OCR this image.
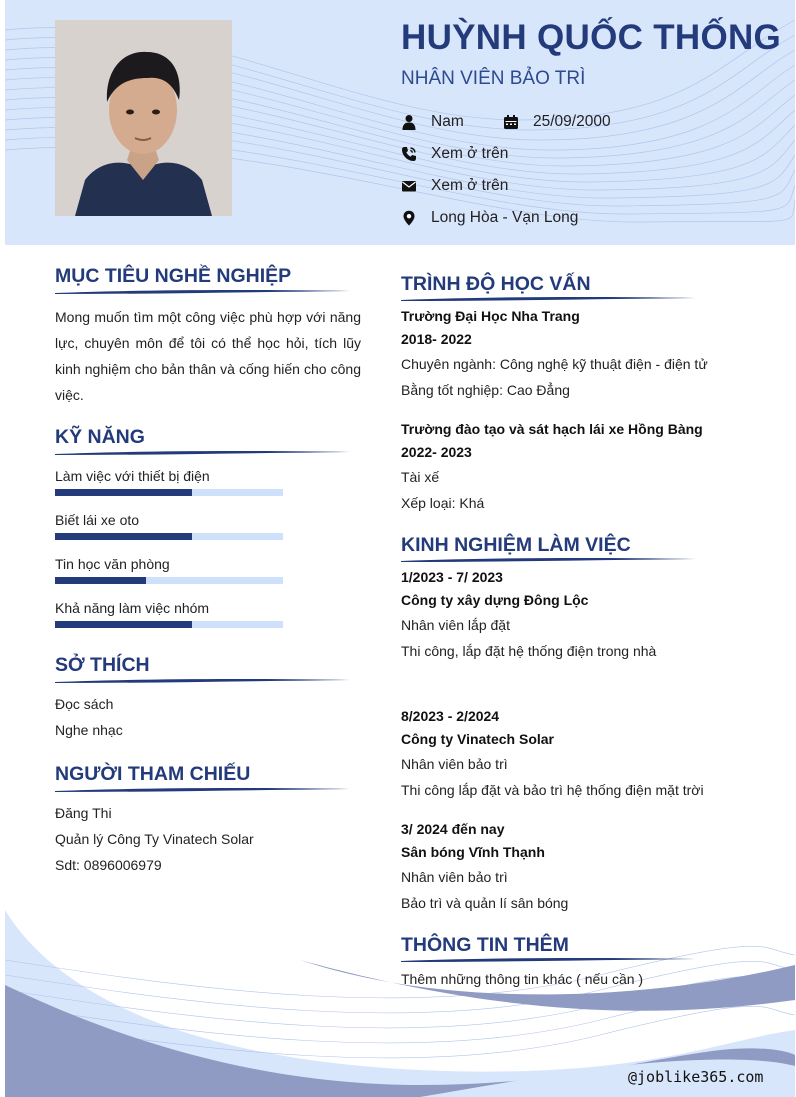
HUỲNH QUỐC THỐNG
NHÂN VIÊN BẢO TRÌ
Nam	25/09/2000
Xem ở trên
Xem ở trên
Long Hòa - Vạn Long
MỤC TIÊU NGHỀ NGHIỆP
Mong muốn tìm một công việc phù hợp với năng lực, chuyên môn để tôi có thể học hỏi, tích lũy kinh nghiệm cho bản thân và cống hiến cho công việc.
KỸ NĂNG
Làm việc với thiết bị điện
Biết lái xe oto
Tin học văn phòng
Khả năng làm việc nhóm
SỞ THÍCH
Đọc sách
Nghe nhạc
NGƯỜI THAM CHIẾU
Đăng Thi
Quản lý Công Ty Vinatech Solar
Sdt: 0896006979
TRÌNH ĐỘ HỌC VẤN
Trường Đại Học Nha Trang
2018- 2022
Chuyên ngành: Công nghệ kỹ thuật điện - điện tử
Bằng tốt nghiệp: Cao Đẳng
Trường đào tạo và sát hạch lái xe Hồng Bàng
2022- 2023
Tài xế
Xếp loại: Khá
KINH NGHIỆM LÀM VIỆC
1/2023 - 7/ 2023
Công ty xây dựng Đông Lộc
Nhân viên lắp đặt
Thi công, lắp đặt hệ thống điện trong nhà
8/2023 - 2/2024
Công ty Vinatech Solar
Nhân viên bảo trì
Thi công lắp đặt và bảo trì hệ thống điện mặt trời
3/ 2024 đến nay
Sân bóng Vĩnh Thạnh
Nhân viên bảo trì
Bảo trì và quản lí sân bóng
THÔNG TIN THÊM
Thêm những thông tin khác ( nếu cần )
@joblike365.com
